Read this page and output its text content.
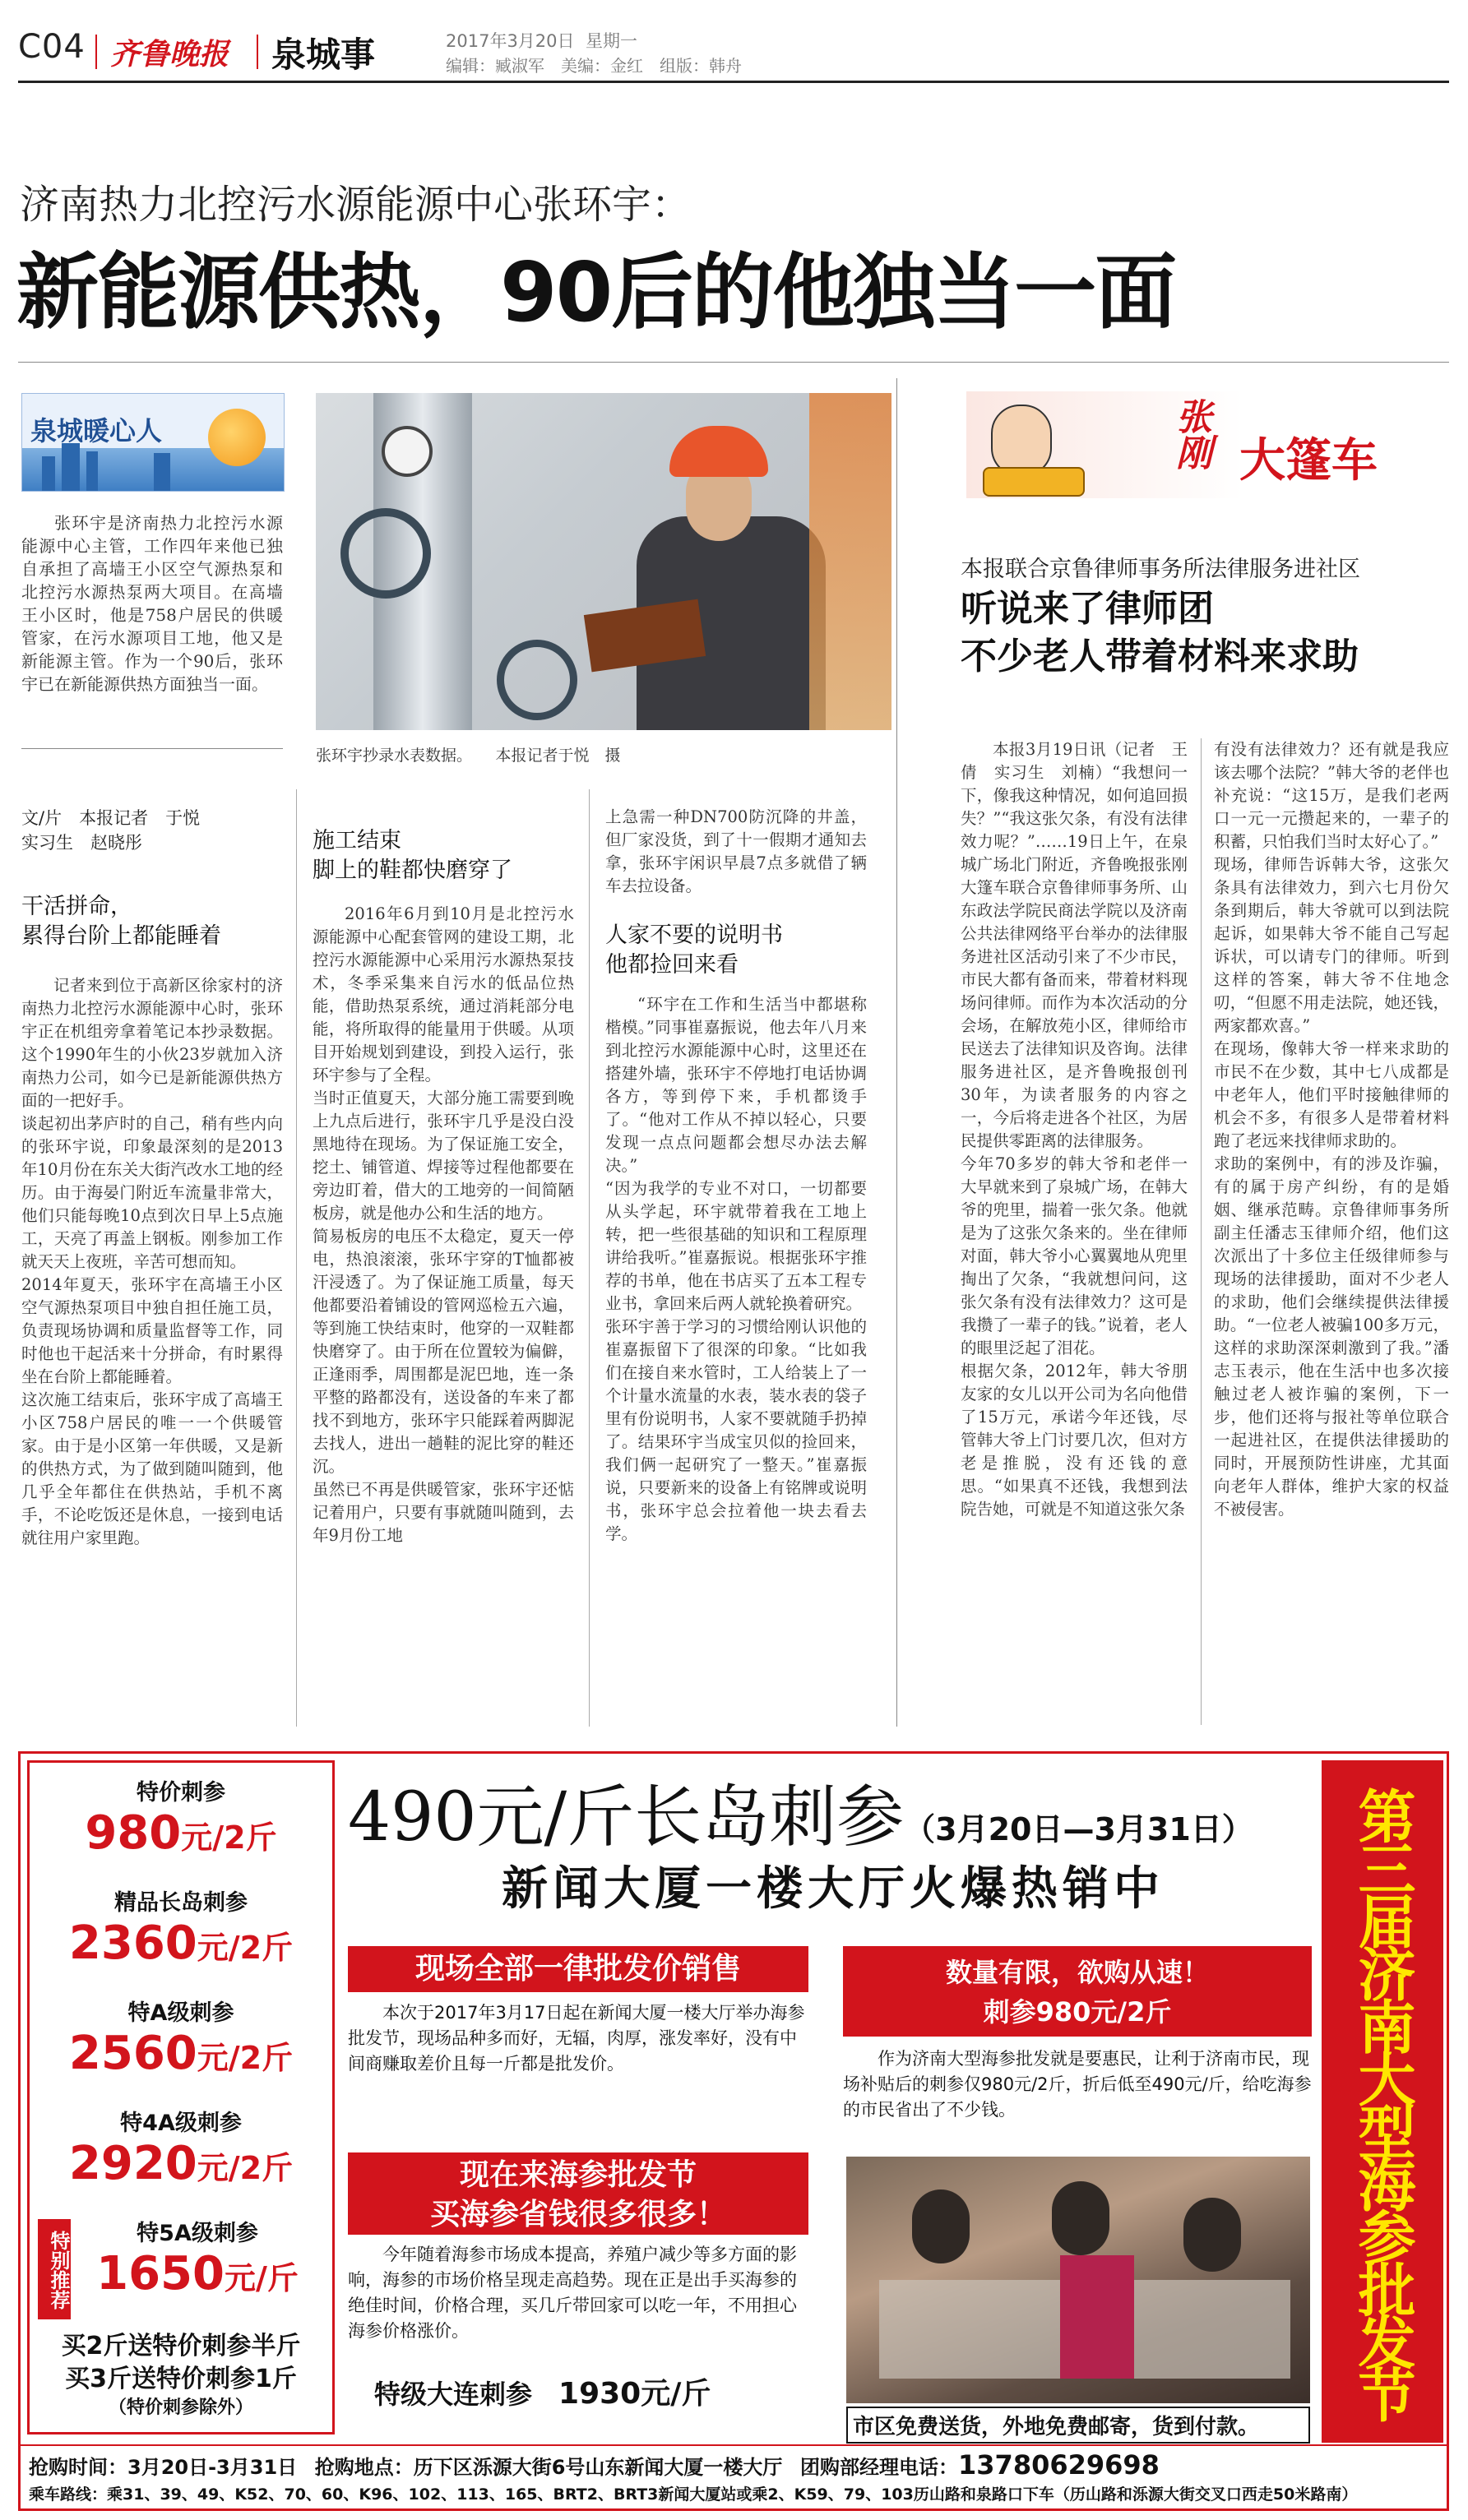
C04 齐鲁晚报 泉城事	2017年3月20日 星期一
编辑：臧淑军　美编：金红　组版：韩舟
济南热力北控污水源能源中心张环宇：
新能源供热，90后的他独当一面
泉城暖心人

张环宇是济南热力北控污水源能源中心主管，工作四年来他已独自承担了高墙王小区空气源热泵和北控污水源热泵两大项目。在高墙王小区时，他是758户居民的供暖管家，在污水源项目工地，他又是新能源主管。作为一个90后，张环宇已在新能源供热方面独当一面。

张环宇抄录水表数据。　　本报记者于悦　摄
文/片　本报记者　于悦
实习生　赵晓彤
干活拼命，
累得台阶上都能睡着
记者来到位于高新区徐家村的济南热力北控污水源能源中心时，张环宇正在机组旁拿着笔记本抄录数据。这个1990年生的小伙23岁就加入济南热力公司，如今已是新能源供热方面的一把好手。
谈起初出茅庐时的自己，稍有些内向的张环宇说，印象最深刻的是2013年10月份在东关大街汽改水工地的经历。由于海晏门附近车流量非常大，他们只能每晚10点到次日早上5点施工，天亮了再盖上钢板。刚参加工作就天天上夜班，辛苦可想而知。
2014年夏天，张环宇在高墙王小区空气源热泵项目中独自担任施工员，负责现场协调和质量监督等工作，同时他也干起活来十分拼命，有时累得坐在台阶上都能睡着。
这次施工结束后，张环宇成了高墙王小区758户居民的唯一一个供暖管家。由于是小区第一年供暖，又是新的供热方式，为了做到随叫随到，他几乎全年都住在供热站，手机不离手，不论吃饭还是休息，一接到电话就往用户家里跑。
施工结束
脚上的鞋都快磨穿了
2016年6月到10月是北控污水源能源中心配套管网的建设工期，北控污水源能源中心采用污水源热泵技术，冬季采集来自污水的低品位热能，借助热泵系统，通过消耗部分电能，将所取得的能量用于供暖。从项目开始规划到建设，到投入运行，张环宇参与了全程。
当时正值夏天，大部分施工需要到晚上九点后进行，张环宇几乎是没白没黑地待在现场。为了保证施工安全，挖土、铺管道、焊接等过程他都要在旁边盯着，借大的工地旁的一间简陋板房，就是他办公和生活的地方。
简易板房的电压不太稳定，夏天一停电，热浪滚滚，张环宇穿的T恤都被汗浸透了。为了保证施工质量，每天他都要沿着铺设的管网巡检五六遍，等到施工快结束时，他穿的一双鞋都快磨穿了。由于所在位置较为偏僻，正逢雨季，周围都是泥巴地，连一条平整的路都没有，送设备的车来了都找不到地方，张环宇只能踩着两脚泥去找人，进出一趟鞋的泥比穿的鞋还沉。
虽然已不再是供暖管家，张环宇还惦记着用户，只要有事就随叫随到，去年9月份工地

上急需一种DN700防沉降的井盖，但厂家没货，到了十一假期才通知去拿，张环宇闲识早晨7点多就借了辆车去拉设备。

人家不要的说明书
他都捡回来看
“环宇在工作和生活当中都堪称楷模。”同事崔嘉振说，他去年八月来到北控污水源能源中心时，这里还在搭建外墙，张环宇不停地打电话协调各方，等到停下来，手机都烫手了。“他对工作从不掉以轻心，只要发现一点点问题都会想尽办法去解决。”
“因为我学的专业不对口，一切都要从头学起，环宇就带着我在工地上转，把一些很基础的知识和工程原理讲给我听。”崔嘉振说。根据张环宇推荐的书单，他在书店买了五本工程专业书，拿回来后两人就轮换着研究。
张环宇善于学习的习惯给刚认识他的崔嘉振留下了很深的印象。“比如我们在接自来水管时，工人给装上了一个计量水流量的水表，装水表的袋子里有份说明书，人家不要就随手扔掉了。结果环宇当成宝贝似的捡回来，我们俩一起研究了一整天。”崔嘉振说，只要新来的设备上有铭牌或说明书，张环宇总会拉着他一块去看去学。
张刚 大篷车
本报联合京鲁律师事务所法律服务进社区
听说来了律师团
不少老人带着材料来求助
本报3月19日讯（记者　王倩　实习生　刘楠）“我想问一下，像我这种情况，如何追回损失？”“我这张欠条，有没有法律效力呢？”……19日上午，在泉城广场北门附近，齐鲁晚报张刚大篷车联合京鲁律师事务所、山东政法学院民商法学院以及济南公共法律网络平台举办的法律服务进社区活动引来了不少市民，市民大都有备而来，带着材料现场问律师。而作为本次活动的分会场，在解放苑小区，律师给市民送去了法律知识及咨询。法律服务进社区，是齐鲁晚报创刊30年，为读者服务的内容之一，今后将走进各个社区，为居民提供零距离的法律服务。
今年70多岁的韩大爷和老伴一大早就来到了泉城广场，在韩大爷的兜里，揣着一张欠条。他就是为了这张欠条来的。坐在律师对面，韩大爷小心翼翼地从兜里掏出了欠条，“我就想问问，这张欠条有没有法律效力？这可是我攒了一辈子的钱。”说着，老人的眼里泛起了泪花。
根据欠条，2012年，韩大爷朋友家的女儿以开公司为名向他借了15万元，承诺今年还钱，尽管韩大爷上门讨要几次，但对方老是推脱，没有还钱的意思。“如果真不还钱，我想到法院告她，可就是不知道这张欠条
有没有法律效力？还有就是我应该去哪个法院？”韩大爷的老伴也补充说：“这15万，是我们老两口一元一元攒起来的，一辈子的积蓄，只怕我们当时太好心了。”
现场，律师告诉韩大爷，这张欠条具有法律效力，到六七月份欠条到期后，韩大爷就可以到法院起诉，如果韩大爷不能自己写起诉状，可以请专门的律师。听到这样的答案，韩大爷不住地念叨，“但愿不用走法院，她还钱，两家都欢喜。”
在现场，像韩大爷一样来求助的市民不在少数，其中七八成都是中老年人，他们平时接触律师的机会不多，有很多人是带着材料跑了老远来找律师求助的。
求助的案例中，有的涉及诈骗，有的属于房产纠纷，有的是婚姻、继承范畴。京鲁律师事务所副主任潘志玉律师介绍，他们这次派出了十多位主任级律师参与现场的法律援助，面对不少老人的求助，他们会继续提供法律援助。“一位老人被骗100多万元，这样的求助深深刺激到了我。”潘志玉表示，他在生活中也多次接触过老人被诈骗的案例，下一步，他们还将与报社等单位联合一起进社区，在提供法律援助的同时，开展预防性讲座，尤其面向老年人群体，维护大家的权益不被侵害。
特价刺参
980元/2斤
精品长岛刺参
2360元/2斤
特A级刺参
2560元/2斤
特4A级刺参
2920元/2斤
特别推荐	特5A级刺参
1650元/斤
买2斤送特价刺参半斤
买3斤送特价刺参1斤
（特价刺参除外）
490元/斤长岛刺参（3月20日—3月31日）
新闻大厦一楼大厅火爆热销中
现场全部一律批发价销售

本次于2017年3月17日起在新闻大厦一楼大厅举办海参批发节，现场品种多而好，无辐，肉厚，涨发率好，没有中间商赚取差价且每一斤都是批发价。

现在来海参批发节
买海参省钱很多很多！

今年随着海参市场成本提高，养殖户减少等多方面的影响，海参的市场价格呈现走高趋势。现在正是出手买海参的绝佳时间，价格合理，买几斤带回家可以吃一年，不用担心海参价格涨价。

特级大连刺参　 1930元/斤
数量有限，欲购从速！
刺参980元/2斤

作为济南大型海参批发就是要惠民，让利于济南市民，现场补贴后的刺参仅980元/2斤，折后低至490元/斤，给吃海参的市民省出了不少钱。

市区免费送货，外地免费邮寄，货到付款。
第三届济南大型海参批发节
抢购时间：3月20日-3月31日　 抢购地点：历下区泺源大街6号山东新闻大厦一楼大厅　 团购部经理电话：13780629698
乘车路线：乘31、39、49、K52、70、60、K96、102、113、165、BRT2、BRT3新闻大厦站或乘2、K59、79、103历山路和泉路口下车（历山路和泺源大街交叉口西走50米路南）
